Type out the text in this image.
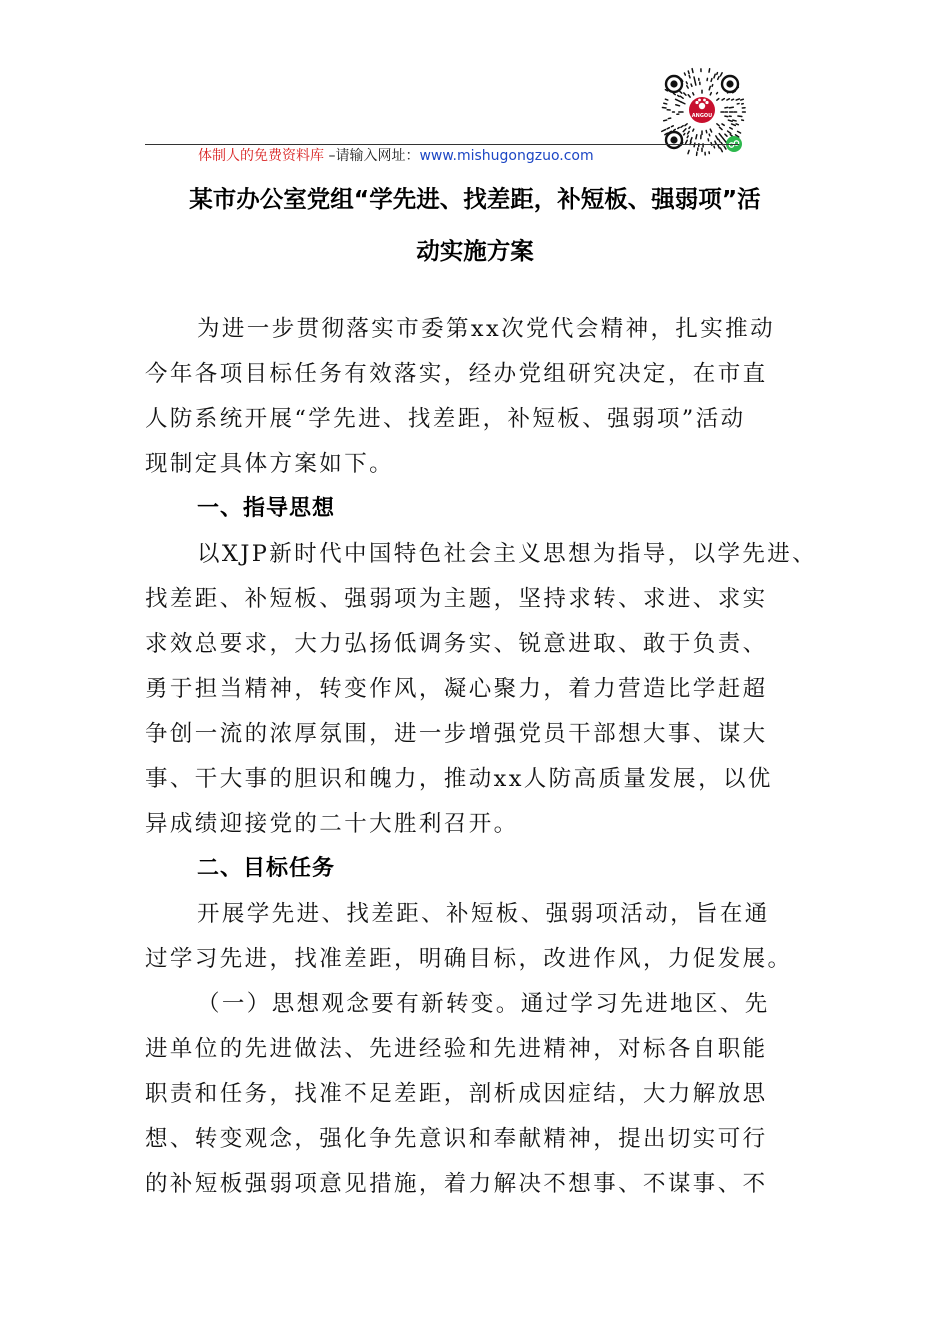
ANGOU
体制人的免费资料库 –请输入网址：www.mishugongzuo.com
某市办公室党组“学先进、找差距，补短板、强弱项”活
动实施方案
为进一步贯彻落实市委第xx次党代会精神，扎实推动
今年各项目标任务有效落实，经办党组研究决定，在市直
人防系统开展“学先进、找差距，补短板、强弱项”活动
现制定具体方案如下。
一、指导思想
以XJP新时代中国特色社会主义思想为指导，以学先进、
找差距、补短板、强弱项为主题，坚持求转、求进、求实
求效总要求，大力弘扬低调务实、锐意进取、敢于负责、
勇于担当精神，转变作风，凝心聚力，着力营造比学赶超
争创一流的浓厚氛围，进一步增强党员干部想大事、谋大
事、干大事的胆识和魄力，推动xx人防高质量发展，以优
异成绩迎接党的二十大胜利召开。
二、目标任务
开展学先进、找差距、补短板、强弱项活动，旨在通
过学习先进，找准差距，明确目标，改进作风，力促发展。
（一）思想观念要有新转变。通过学习先进地区、先
进单位的先进做法、先进经验和先进精神，对标各自职能
职责和任务，找准不足差距，剖析成因症结，大力解放思
想、转变观念，强化争先意识和奉献精神，提出切实可行
的补短板强弱项意见措施，着力解决不想事、不谋事、不
